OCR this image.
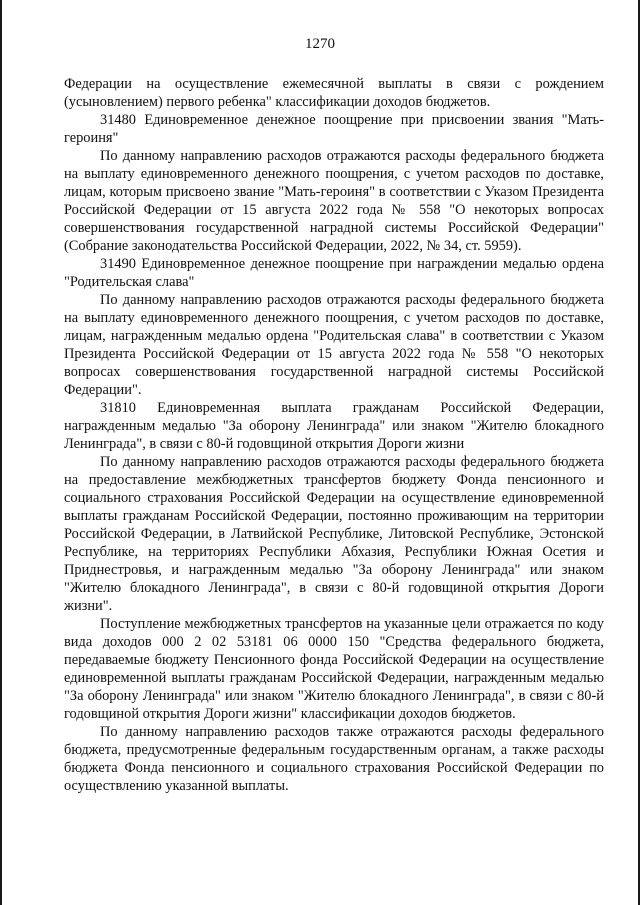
1270

Федерации на осуществление ежемесячной выплаты в связи с рождением (усыновлением) первого ребенка" классификации доходов бюджетов.

31480 Единовременное денежное поощрение при присвоении звания "Мать-героиня"

По данному направлению расходов отражаются расходы федерального бюджета на выплату единовременного денежного поощрения, с учетом расходов по доставке, лицам, которым присвоено звание "Мать-героиня" в соответствии с Указом Президента Российской Федерации от 15 августа 2022 года № 558 "О некоторых вопросах совершенствования государственной наградной системы Российской Федерации" (Собрание законодательства Российской Федерации, 2022, № 34, ст. 5959).

31490 Единовременное денежное поощрение при награждении медалью ордена "Родительская слава"

По данному направлению расходов отражаются расходы федерального бюджета на выплату единовременного денежного поощрения, с учетом расходов по доставке, лицам, награжденным медалью ордена "Родительская слава" в соответствии с Указом Президента Российской Федерации от 15 августа 2022 года № 558 "О некоторых вопросах совершенствования государственной наградной системы Российской Федерации".

31810 Единовременная выплата гражданам Российской Федерации, награжденным медалью "За оборону Ленинграда" или знаком "Жителю блокадного Ленинграда", в связи с 80-й годовщиной открытия Дороги жизни

По данному направлению расходов отражаются расходы федерального бюджета на предоставление межбюджетных трансфертов бюджету Фонда пенсионного и социального страхования Российской Федерации на осуществление единовременной выплаты гражданам Российской Федерации, постоянно проживающим на территории Российской Федерации, в Латвийской Республике, Литовской Республике, Эстонской Республике, на территориях Республики Абхазия, Республики Южная Осетия и Приднестровья, и награжденным медалью "За оборону Ленинграда" или знаком "Жителю блокадного Ленинграда", в связи с 80-й годовщиной открытия Дороги жизни".

Поступление межбюджетных трансфертов на указанные цели отражается по коду вида доходов 000 2 02 53181 06 0000 150 "Средства федерального бюджета, передаваемые бюджету Пенсионного фонда Российской Федерации на осуществление единовременной выплаты гражданам Российской Федерации, награжденным медалью "За оборону Ленинграда" или знаком "Жителю блокадного Ленинграда", в связи с 80-й годовщиной открытия Дороги жизни" классификации доходов бюджетов.

По данному направлению расходов также отражаются расходы федерального бюджета, предусмотренные федеральным государственным органам, а также расходы бюджета Фонда пенсионного и социального страхования Российской Федерации по осуществлению указанной выплаты.
